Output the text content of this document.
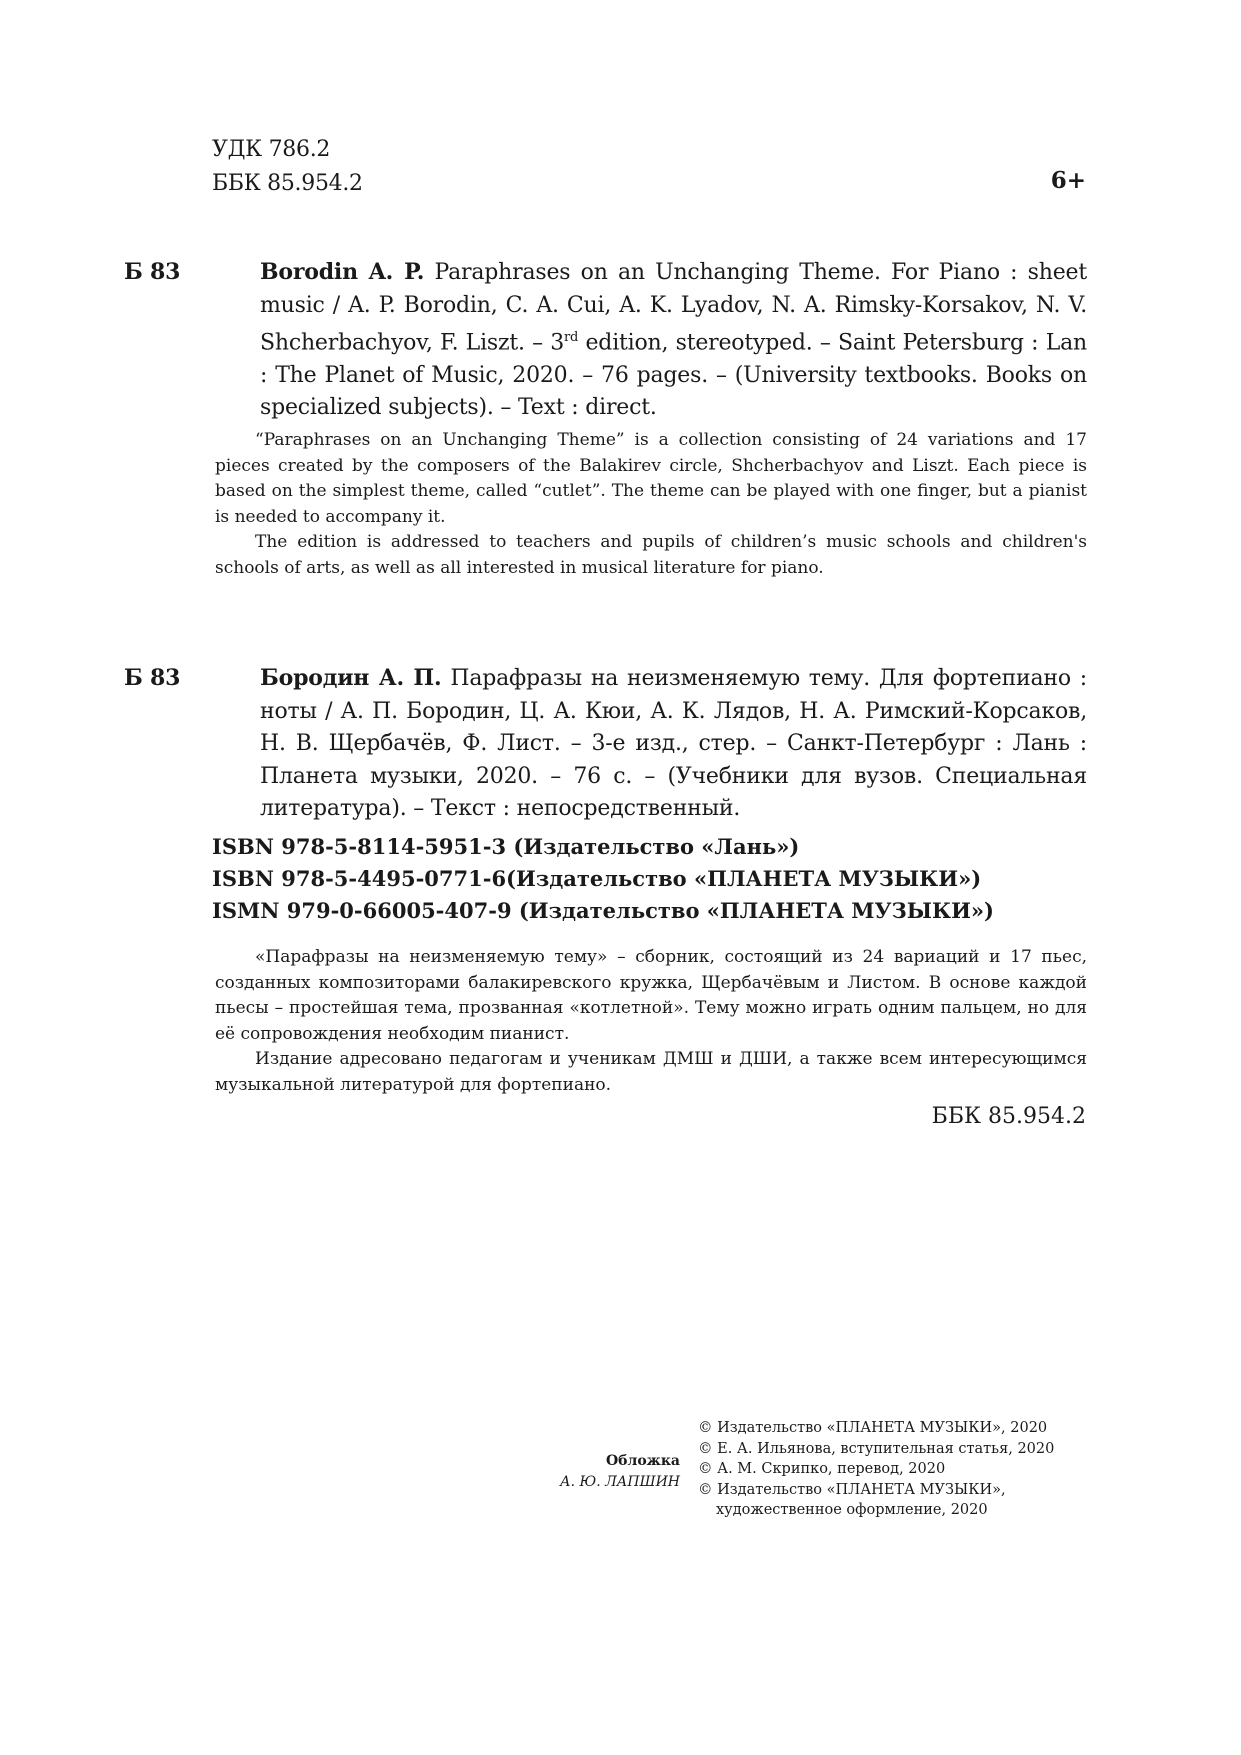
УДК 786.2
ББК 85.954.2	6+

Б 83	Borodin A. P. Paraphrases on an Unchanging Theme. For Piano : sheet music / A. P. Borodin, C. A. Cui, A. K. Lyadov, N. A. Rimsky-Korsakov, N. V. Shcherbachyov, F. Liszt. – 3rd edition, stereotyped. – Saint Petersburg : Lan : The Planet of Music, 2020. – 76 pages. – (University textbooks. Books on specialized subjects). – Text : direct.

“Paraphrases on an Unchanging Theme” is a collection consisting of 24 variations and 17 pieces created by the composers of the Balakirev circle, Shcherbachyov and Liszt. Each piece is based on the simplest theme, called “cutlet”. The theme can be played with one finger, but a pianist is needed to accompany it.

The edition is addressed to teachers and pupils of children’s music schools and children's schools of arts, as well as all interested in musical literature for piano.

Б 83	Бородин А. П. Парафразы на неизменяемую тему. Для фортепиано : ноты / А. П. Бородин, Ц. А. Кюи, А. К. Лядов, Н. А. Римский-Корсаков, Н. В. Щербачёв, Ф. Лист. – 3-е изд., стер. – Санкт-Петербург : Лань : Планета музыки, 2020. – 76 с. – (Учебники для вузов. Специальная литература). – Текст : непосредственный.

ISBN 978-5-8114-5951-3 (Издательство «Лань»)
ISBN 978-5-4495-0771-6(Издательство «ПЛАНЕТА МУЗЫКИ»)
ISMN 979-0-66005-407-9 (Издательство «ПЛАНЕТА МУЗЫКИ»)

«Парафразы на неизменяемую тему» – сборник, состоящий из 24 вариаций и 17 пьес, созданных композиторами балакиревского кружка, Щербачёвым и Листом. В основе каждой пьесы – простейшая тема, прозванная «котлетной». Тему можно играть одним пальцем, но для её сопровождения необходим пианист.

Издание адресовано педагогам и ученикам ДМШ и ДШИ, а также всем интересующимся музыкальной литературой для фортепиано.

ББК 85.954.2
Обложка
А. Ю. ЛАПШИН
© Издательство «ПЛАНЕТА МУЗЫКИ», 2020
© Е. А. Ильянова, вступительная статья, 2020
© А. М. Скрипко, перевод, 2020
© Издательство «ПЛАНЕТА МУЗЫКИ»,
художественное оформление, 2020
